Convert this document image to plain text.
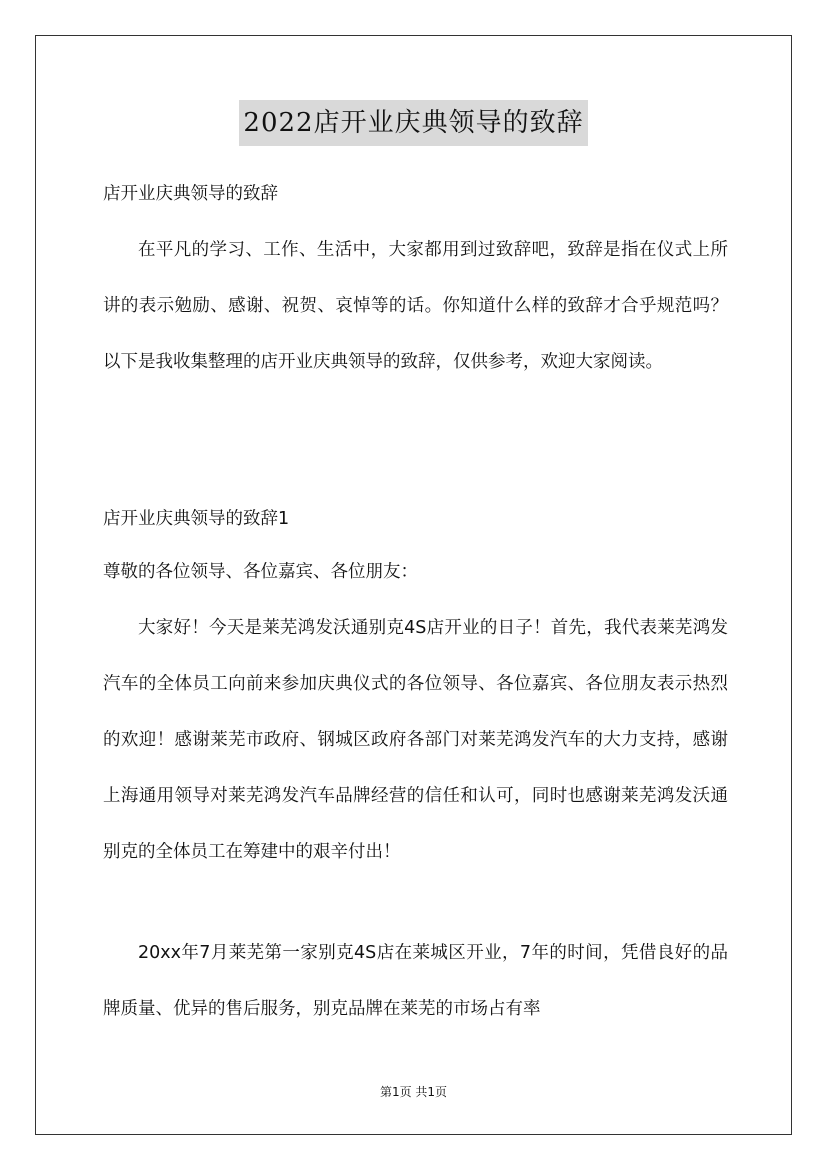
2022店开业庆典领导的致辞

店开业庆典领导的致辞

在平凡的学习、工作、生活中，大家都用到过致辞吧，致辞是指在仪式上所讲的表示勉励、感谢、祝贺、哀悼等的话。你知道什么样的致辞才合乎规范吗？以下是我收集整理的店开业庆典领导的致辞，仅供参考，欢迎大家阅读。

店开业庆典领导的致辞1

尊敬的各位领导、各位嘉宾、各位朋友：

大家好！今天是莱芜鸿发沃通别克4S店开业的日子！首先，我代表莱芜鸿发汽车的全体员工向前来参加庆典仪式的各位领导、各位嘉宾、各位朋友表示热烈的欢迎！感谢莱芜市政府、钢城区政府各部门对莱芜鸿发汽车的大力支持，感谢上海通用领导对莱芜鸿发汽车品牌经营的信任和认可，同时也感谢莱芜鸿发沃通别克的全体员工在筹建中的艰辛付出！

20xx年7月莱芜第一家别克4S店在莱城区开业，7年的时间，凭借良好的品牌质量、优异的售后服务，别克品牌在莱芜的市场占有率

第1页 共1页
